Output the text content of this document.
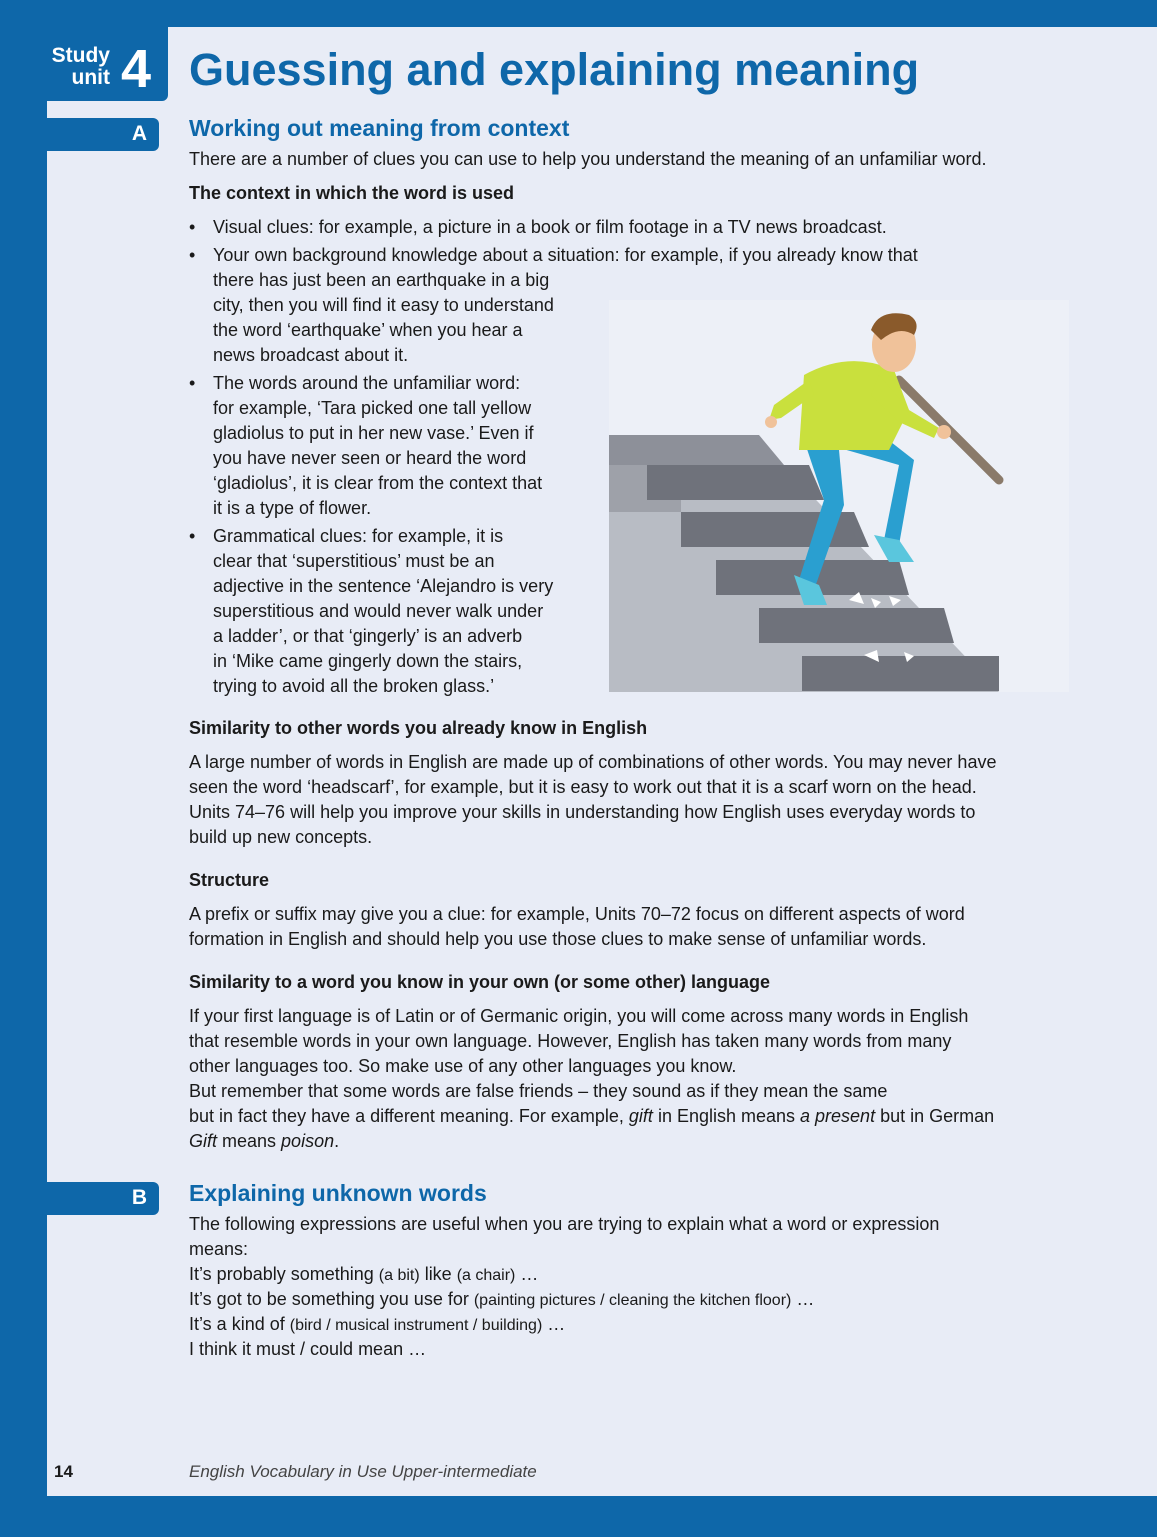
Study
unit 4 Guessing and explaining meaning
A Working out meaning from context

There are a number of clues you can use to help you understand the meaning of an unfamiliar word.

The context in which the word is used

• Visual clues: for example, a picture in a book or film footage in a TV news broadcast.
• Your own background knowledge about a situation: for example, if you already know that
there has just been an earthquake in a big
city, then you will find it easy to understand
the word ‘earthquake’ when you hear a
news broadcast about it.
• The words around the unfamiliar word:
for example, ‘Tara picked one tall yellow
gladiolus to put in her new vase.’ Even if
you have never seen or heard the word
‘gladiolus’, it is clear from the context that
it is a type of flower.
• Grammatical clues: for example, it is
clear that ‘superstitious’ must be an
adjective in the sentence ‘Alejandro is very
superstitious and would never walk under
a ladder’, or that ‘gingerly’ is an adverb
in ‘Mike came gingerly down the stairs,
trying to avoid all the broken glass.’

Similarity to other words you already know in English

A large number of words in English are made up of combinations of other words. You may never have
seen the word ‘headscarf’, for example, but it is easy to work out that it is a scarf worn on the head.
Units 74–76 will help you improve your skills in understanding how English uses everyday words to
build up new concepts.

Structure

A prefix or suffix may give you a clue: for example, Units 70–72 focus on different aspects of word
formation in English and should help you use those clues to make sense of unfamiliar words.

Similarity to a word you know in your own (or some other) language

If your first language is of Latin or of Germanic origin, you will come across many words in English
that resemble words in your own language. However, English has taken many words from many
other languages too. So make use of any other languages you know.
But remember that some words are false friends – they sound as if they mean the same
but in fact they have a different meaning. For example, gift in English means a present but in German
Gift means poison.
B Explaining unknown words
The following expressions are useful when you are trying to explain what a word or expression
means:
It’s probably something (a bit) like (a chair) …
It’s got to be something you use for (painting pictures / cleaning the kitchen floor) …
It’s a kind of (bird / musical instrument / building) …
I think it must / could mean …
14	English Vocabulary in Use Upper-intermediate
